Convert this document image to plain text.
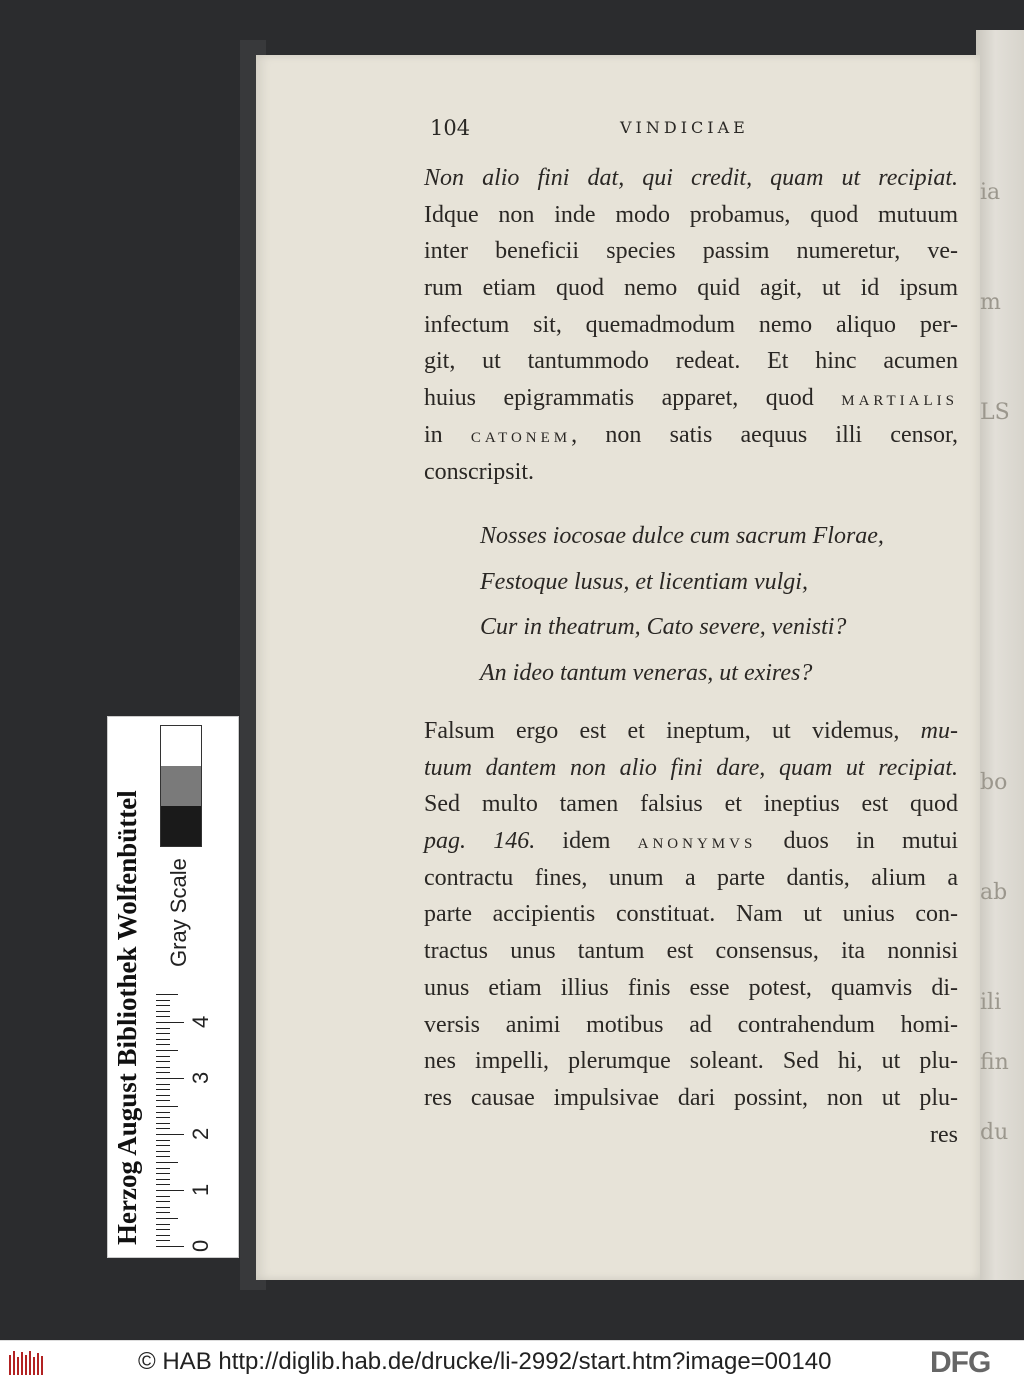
ia
m
LS
bo
ab
ili
fin
du
104	VINDICIAE
Non alio fini dat, qui credit, quam ut recipiat.
Idque non inde modo probamus, quod mutuum
inter beneficii species passim numeretur, ve-
rum etiam quod nemo quid agit, ut id ipsum
infectum sit, quemadmodum nemo aliquo per-
git, ut tantummodo redeat. Et hinc acumen
huius epigrammatis apparet, quod MARTIALIS
in CATONEM, non satis aequus illi censor,
conscripsit.
Nosses iocosae dulce cum sacrum Florae,
Festoque lusus, et licentiam vulgi,
Cur in theatrum, Cato severe, venisti?
An ideo tantum veneras, ut exires?
Falsum ergo est et ineptum, ut videmus, mu-
tuum dantem non alio fini dare, quam ut recipiat.
Sed multo tamen falsius et ineptius est quod
pag. 146. idem ANONYMVS duos in mutui
contractu fines, unum a parte dantis, alium a
parte accipientis constituat. Nam ut unius con-
tractus unus tantum est consensus, ita nonnisi
unus etiam illius finis esse potest, quamvis di-
versis animi motibus ad contrahendum homi-
nes impelli, plerumque soleant. Sed hi, ut plu-
res causae impulsivae dari possint, non ut plu-
res
Herzog August Bibliothek Wolfenbüttel
0
1
2
3
4
Gray Scale
© HAB http://diglib.hab.de/drucke/li-2992/start.htm?image=00140	DFG
